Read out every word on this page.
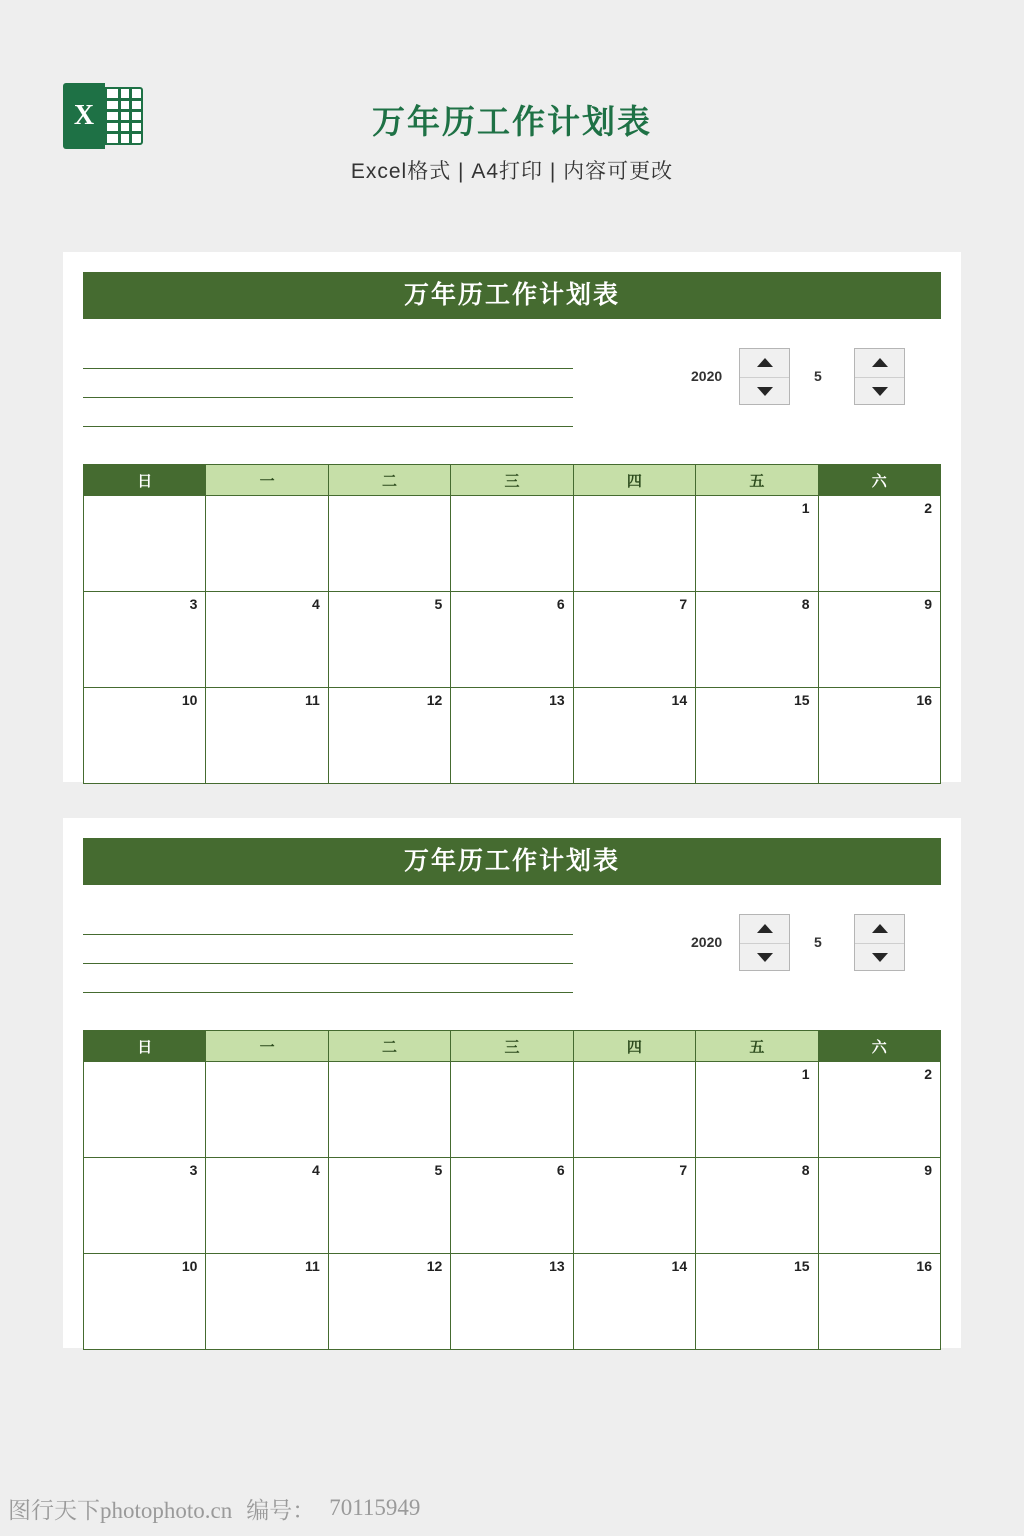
X	万年历工作计划表
Excel格式 | A4打印 | 内容可更改
万年历工作计划表
2020	5
日	一	二	三	四	五	六
					1	2
3	4	5	6	7	8	9
10	11	12	13	14	15	16
万年历工作计划表
2020	5
日	一	二	三	四	五	六
					1	2
3	4	5	6	7	8	9
10	11	12	13	14	15	16
图行天下photophoto.cn 编号： 70115949
